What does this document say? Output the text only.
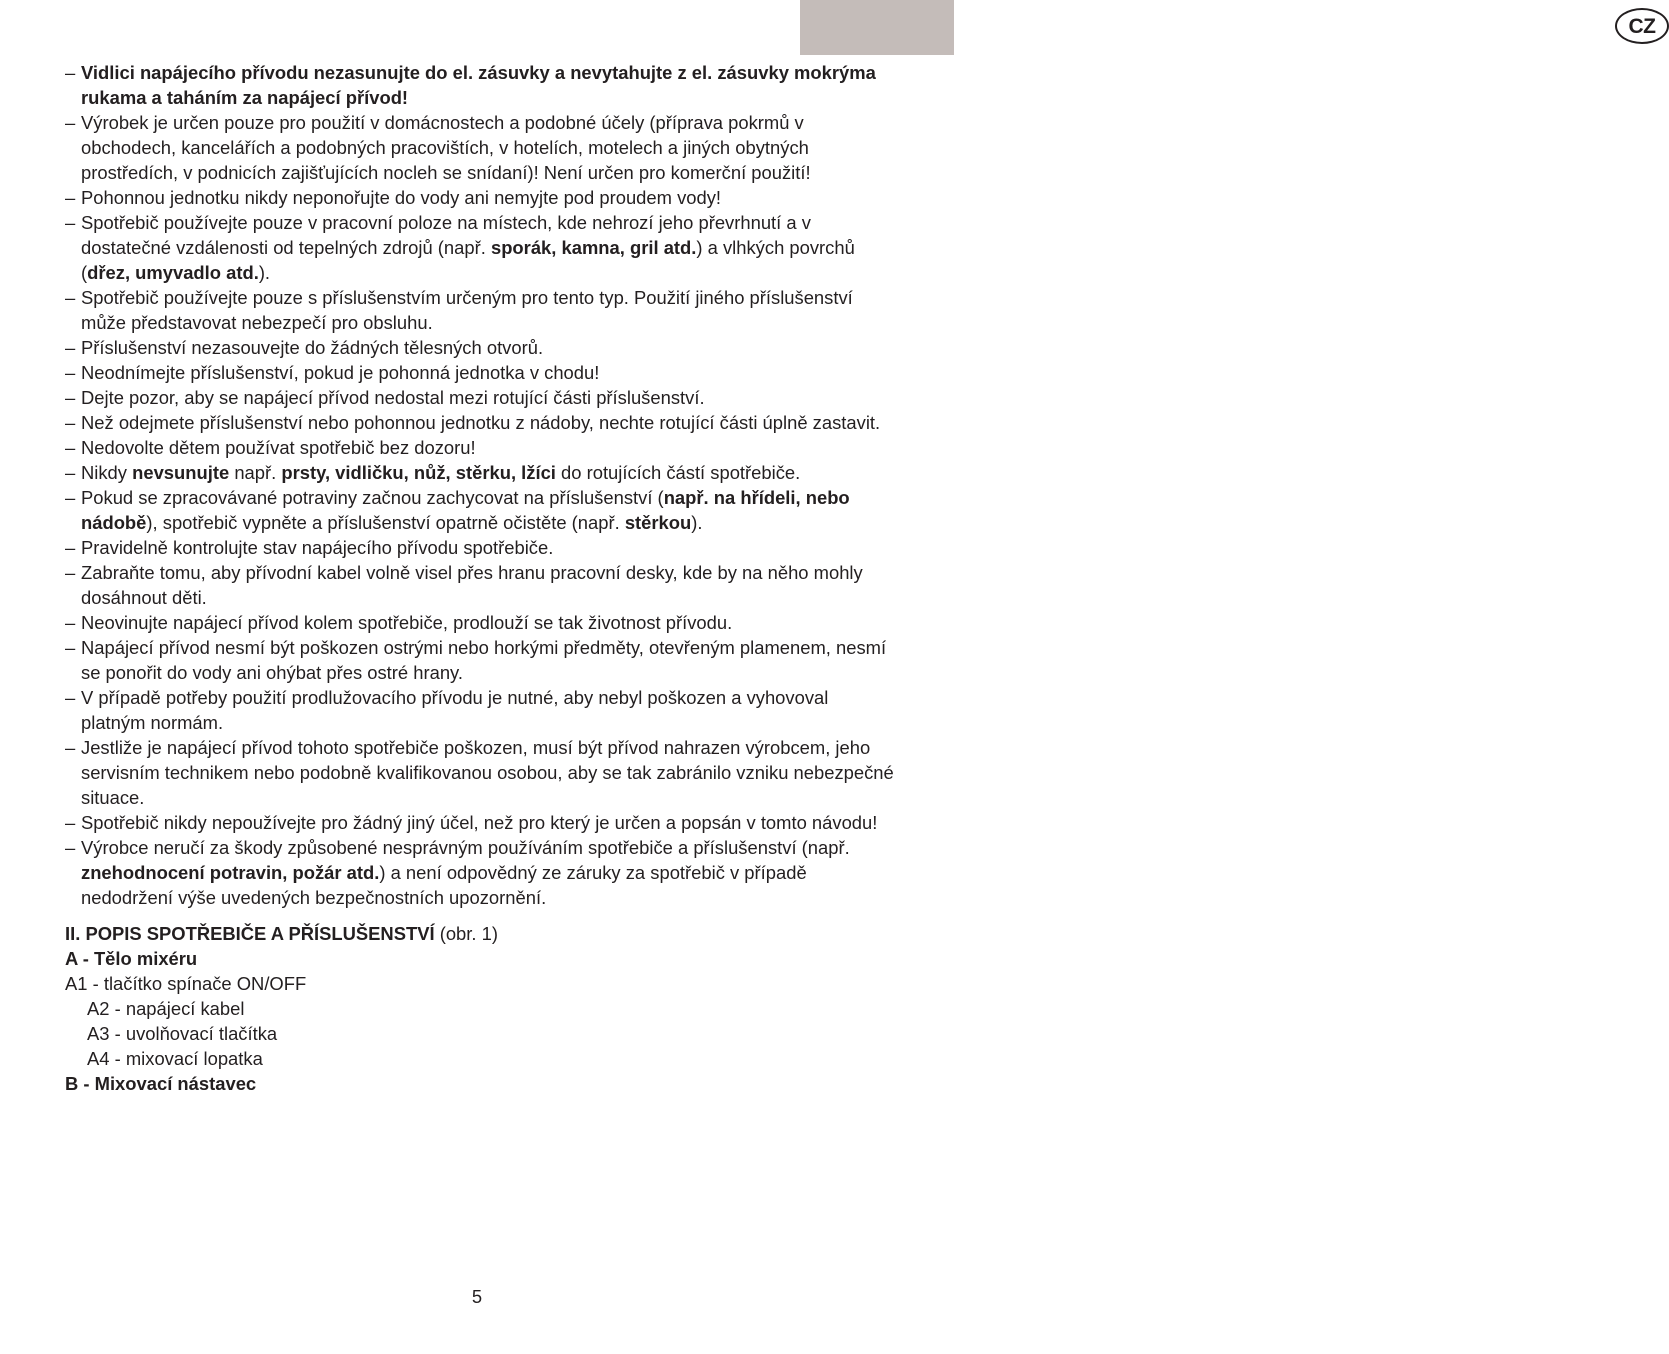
CZ
– Vidlici napájecího přívodu nezasunujte do el. zásuvky a nevytahujte z el. zásuvky mokrýma rukama a taháním za napájecí přívod!
– Výrobek je určen pouze pro použití v domácnostech a podobné účely (příprava pokrmů v obchodech, kancelářích a podobných pracovištích, v hotelích, motelech a jiných obytných prostředích, v podnicích zajišťujících nocleh se snídaní)! Není určen pro komerční použití!
– Pohonnou jednotku nikdy neponořujte do vody ani nemyjte pod proudem vody!
– Spotřebič používejte pouze v pracovní poloze na místech, kde nehrozí jeho převrhnutí a v dostatečné vzdálenosti od tepelných zdrojů (např. sporák, kamna, gril atd.) a vlhkých povrchů (dřez, umyvadlo atd.).
– Spotřebič používejte pouze s příslušenstvím určeným pro tento typ. Použití jiného příslušenství může představovat nebezpečí pro obsluhu.
– Příslušenství nezasouvejte do žádných tělesných otvorů.
– Neodnímejte příslušenství, pokud je pohonná jednotka v chodu!
– Dejte pozor, aby se napájecí přívod nedostal mezi rotující části příslušenství.
– Než odejmete příslušenství nebo pohonnou jednotku z nádoby, nechte rotující části úplně zastavit.
– Nedovolte dětem používat spotřebič bez dozoru!
– Nikdy nevsunujte např. prsty, vidličku, nůž, stěrku, lžíci do rotujících částí spotřebiče.
– Pokud se zpracovávané potraviny začnou zachycovat na příslušenství (např. na hřídeli, nebo nádobě), spotřebič vypněte a příslušenství opatrně očistěte (např. stěrkou).
– Pravidelně kontrolujte stav napájecího přívodu spotřebiče.
– Zabraňte tomu, aby přívodní kabel volně visel přes hranu pracovní desky, kde by na něho mohly dosáhnout děti.
– Neovinujte napájecí přívod kolem spotřebiče, prodlouží se tak životnost přívodu.
– Napájecí přívod nesmí být poškozen ostrými nebo horkými předměty, otevřeným plamenem, nesmí se ponořit do vody ani ohýbat přes ostré hrany.
– V případě potřeby použití prodlužovacího přívodu je nutné, aby nebyl poškozen a vyhovoval platným normám.
– Jestliže je napájecí přívod tohoto spotřebiče poškozen, musí být přívod nahrazen výrobcem, jeho servisním technikem nebo podobně kvalifikovanou osobou, aby se tak zabránilo vzniku nebezpečné situace.
– Spotřebič nikdy nepoužívejte pro žádný jiný účel, než pro který je určen a popsán v tomto návodu!
– Výrobce neručí za škody způsobené nesprávným používáním spotřebiče a příslušenství (např. znehodnocení potravin, požár atd.) a není odpovědný ze záruky za spotřebič v případě nedodržení výše uvedených bezpečnostních upozornění.
II. POPIS SPOTŘEBIČE A PŘÍSLUŠENSTVÍ (obr. 1)
A - Tělo mixéru
A1 - tlačítko spínače ON/OFF
A2 - napájecí kabel
A3 - uvolňovací tlačítka
A4 - mixovací lopatka
B - Mixovací nástavec
5
